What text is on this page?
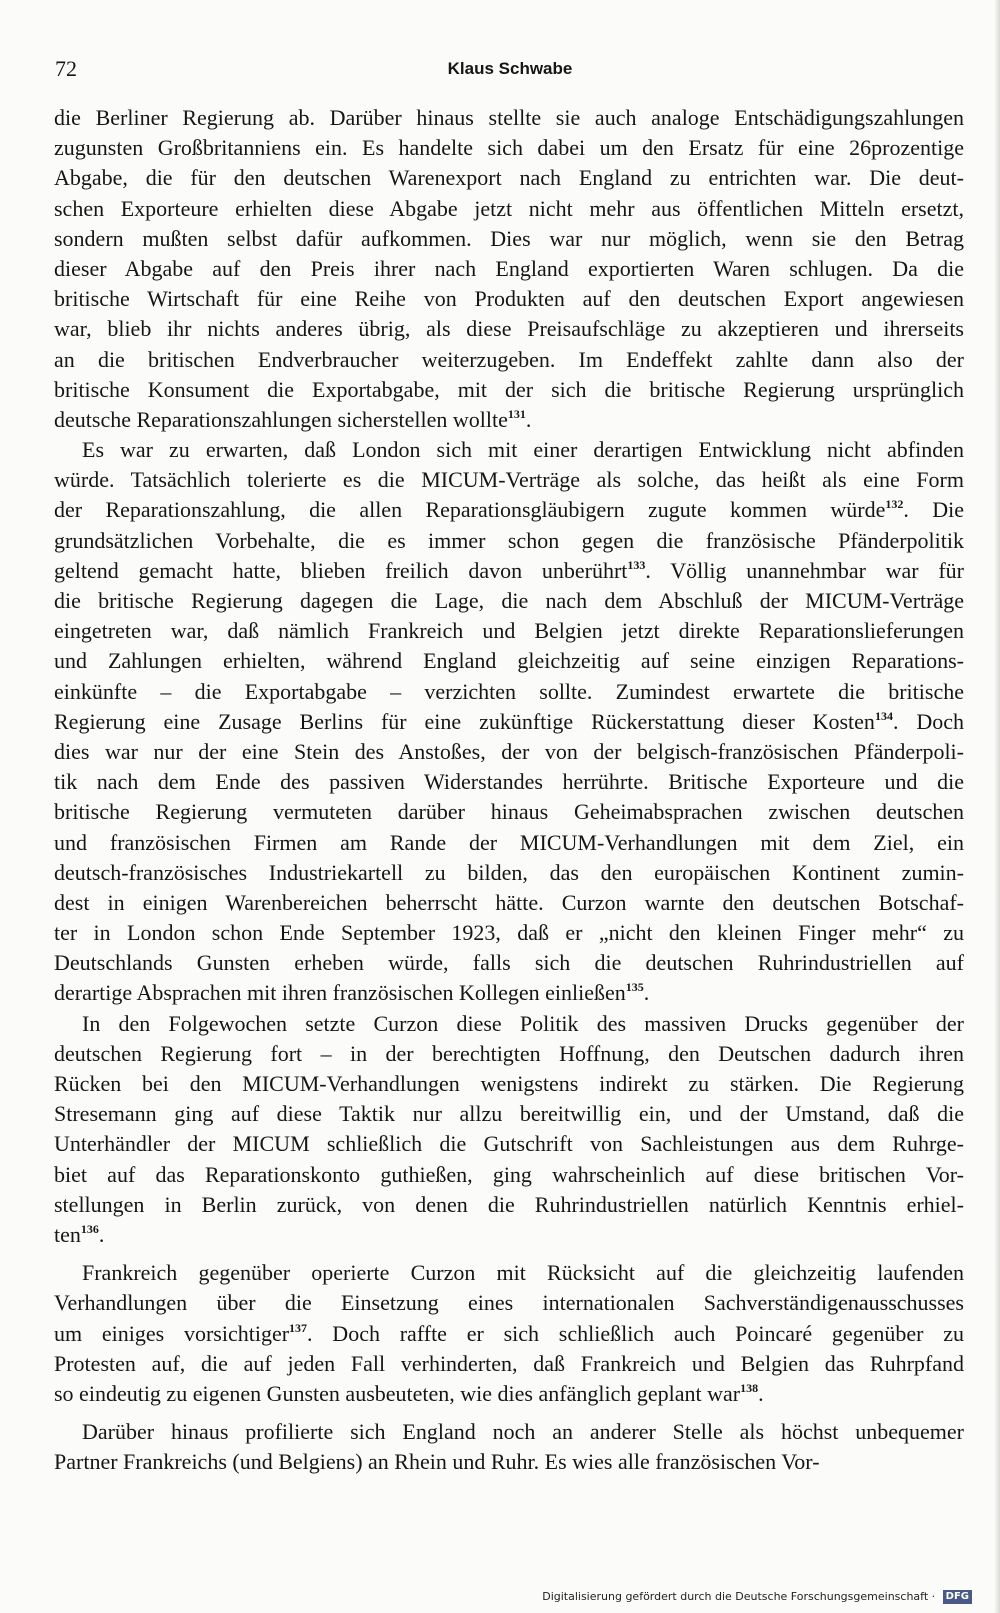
72	Klaus Schwabe

die Berliner Regierung ab. Darüber hinaus stellte sie auch analoge Entschädigungszahlungen
zugunsten Großbritanniens ein. Es handelte sich dabei um den Ersatz für eine 26prozentige
Abgabe, die für den deutschen Warenexport nach England zu entrichten war. Die deut-
schen Exporteure erhielten diese Abgabe jetzt nicht mehr aus öffentlichen Mitteln ersetzt,
sondern mußten selbst dafür aufkommen. Dies war nur möglich, wenn sie den Betrag
dieser Abgabe auf den Preis ihrer nach England exportierten Waren schlugen. Da die
britische Wirtschaft für eine Reihe von Produkten auf den deutschen Export angewiesen
war, blieb ihr nichts anderes übrig, als diese Preisaufschläge zu akzeptieren und ihrerseits
an die britischen Endverbraucher weiterzugeben. Im Endeffekt zahlte dann also der
britische Konsument die Exportabgabe, mit der sich die britische Regierung ursprünglich
deutsche Reparationszahlungen sicherstellen wollte$^{131}$.

Es war zu erwarten, daß London sich mit einer derartigen Entwicklung nicht abfinden
würde. Tatsächlich tolerierte es die MICUM-Verträge als solche, das heißt als eine Form
der Reparationszahlung, die allen Reparationsgläubigern zugute kommen würde$^{132}$. Die
grundsätzlichen Vorbehalte, die es immer schon gegen die französische Pfänderpolitik
geltend gemacht hatte, blieben freilich davon unberührt$^{133}$. Völlig unannehmbar war für
die britische Regierung dagegen die Lage, die nach dem Abschluß der MICUM-Verträge
eingetreten war, daß nämlich Frankreich und Belgien jetzt direkte Reparationslieferungen
und Zahlungen erhielten, während England gleichzeitig auf seine einzigen Reparations-
einkünfte – die Exportabgabe – verzichten sollte. Zumindest erwartete die britische
Regierung eine Zusage Berlins für eine zukünftige Rückerstattung dieser Kosten$^{134}$. Doch
dies war nur der eine Stein des Anstoßes, der von der belgisch-französischen Pfänderpoli-
tik nach dem Ende des passiven Widerstandes herrührte. Britische Exporteure und die
britische Regierung vermuteten darüber hinaus Geheimabsprachen zwischen deutschen
und französischen Firmen am Rande der MICUM-Verhandlungen mit dem Ziel, ein
deutsch-französisches Industriekartell zu bilden, das den europäischen Kontinent zumin-
dest in einigen Warenbereichen beherrscht hätte. Curzon warnte den deutschen Botschaf-
ter in London schon Ende September 1923, daß er „nicht den kleinen Finger mehr“ zu
Deutschlands Gunsten erheben würde, falls sich die deutschen Ruhrindustriellen auf
derartige Absprachen mit ihren französischen Kollegen einließen$^{135}$.

In den Folgewochen setzte Curzon diese Politik des massiven Drucks gegenüber der
deutschen Regierung fort – in der berechtigten Hoffnung, den Deutschen dadurch ihren
Rücken bei den MICUM-Verhandlungen wenigstens indirekt zu stärken. Die Regierung
Stresemann ging auf diese Taktik nur allzu bereitwillig ein, und der Umstand, daß die
Unterhändler der MICUM schließlich die Gutschrift von Sachleistungen aus dem Ruhrge-
biet auf das Reparationskonto guthießen, ging wahrscheinlich auf diese britischen Vor-
stellungen in Berlin zurück, von denen die Ruhrindustriellen natürlich Kenntnis erhiel-
ten$^{136}$.

Frankreich gegenüber operierte Curzon mit Rücksicht auf die gleichzeitig laufenden
Verhandlungen über die Einsetzung eines internationalen Sachverständigenausschusses
um einiges vorsichtiger$^{137}$. Doch raffte er sich schließlich auch Poincaré gegenüber zu
Protesten auf, die auf jeden Fall verhinderten, daß Frankreich und Belgien das Ruhrpfand
so eindeutig zu eigenen Gunsten ausbeuteten, wie dies anfänglich geplant war$^{138}$.

Darüber hinaus profilierte sich England noch an anderer Stelle als höchst unbequemer
Partner Frankreichs (und Belgiens) an Rhein und Ruhr. Es wies alle französischen Vor-

Digitalisierung gefördert durch die Deutsche Forschungsgemeinschaft · DFG
